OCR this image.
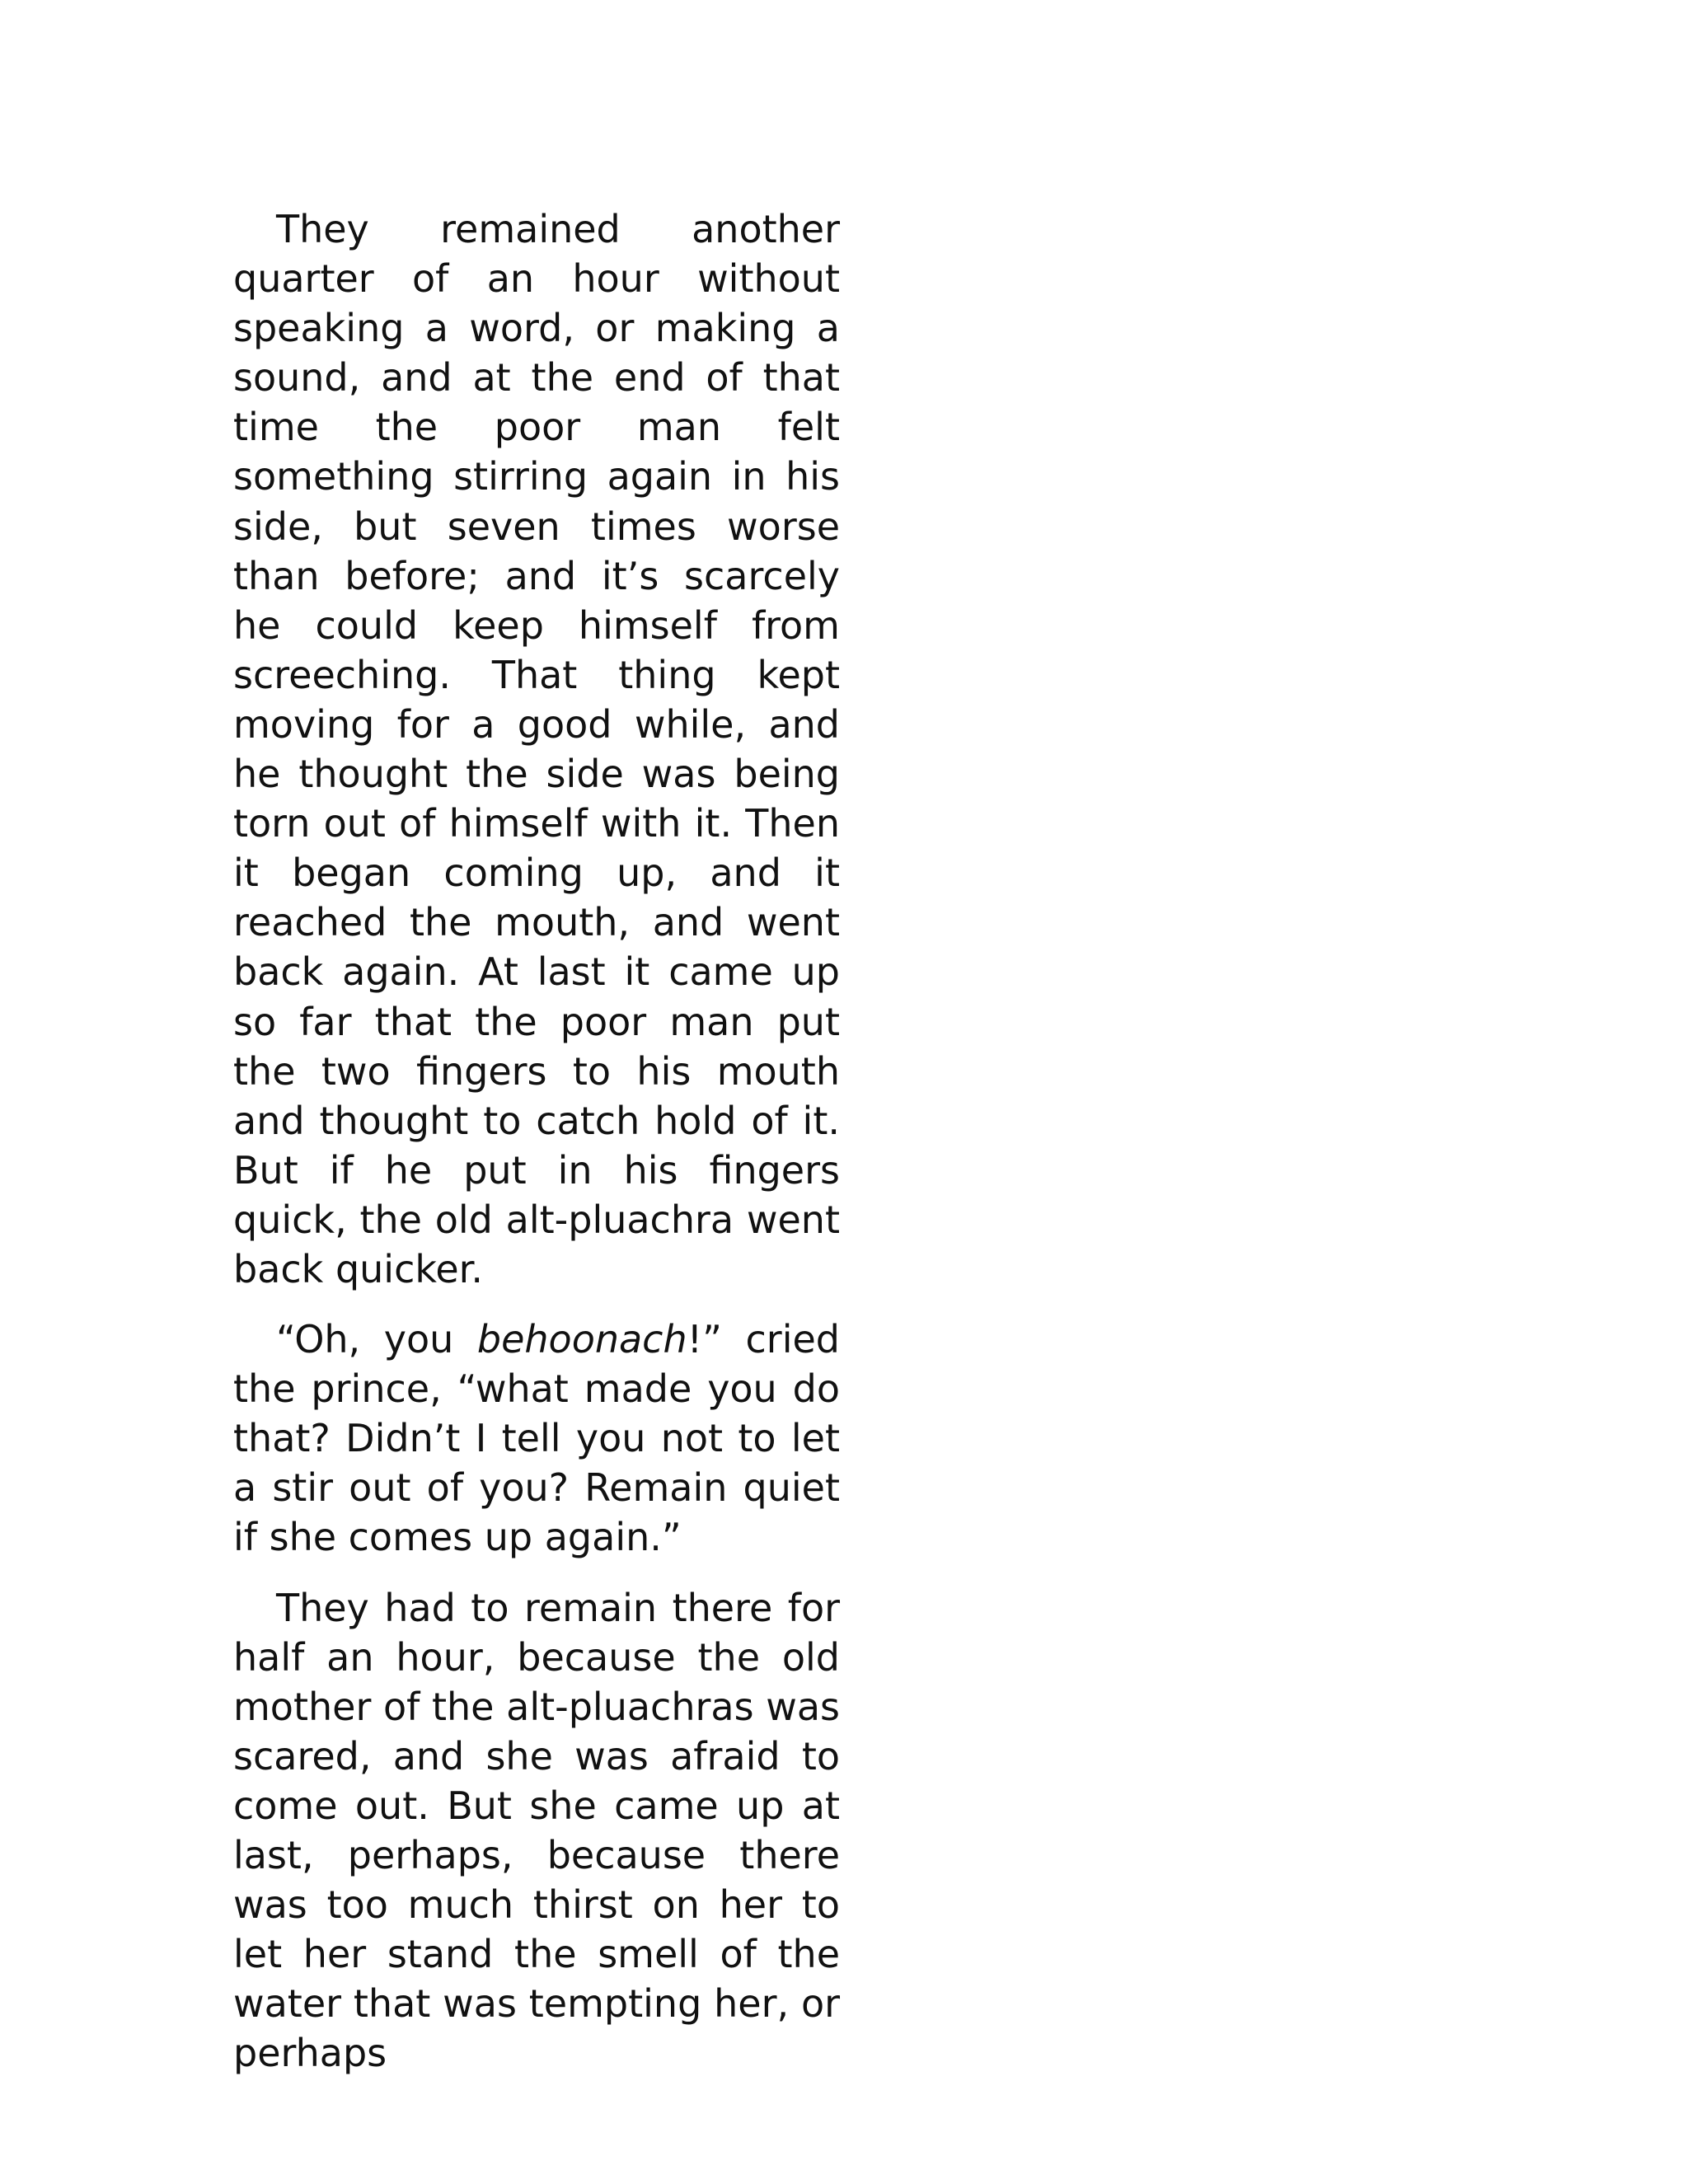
They remained another quarter of an hour without speaking a word, or making a sound, and at the end of that time the poor man felt something stirring again in his side, but seven times worse than before; and it’s scarcely he could keep himself from screeching. That thing kept moving for a good while, and he thought the side was being torn out of himself with it. Then it began coming up, and it reached the mouth, and went back again. At last it came up so far that the poor man put the two fingers to his mouth and thought to catch hold of it. But if he put in his fingers quick, the old alt-pluachra went back quicker.

“Oh, you behoonach!” cried the prince, “what made you do that? Didn’t I tell you not to let a stir out of you? Remain quiet if she comes up again.”

They had to remain there for half an hour, because the old mother of the alt-pluachras was scared, and she was afraid to come out. But she came up at last, perhaps, because there was too much thirst on her to let her stand the smell of the water that was tempting her, or perhaps
